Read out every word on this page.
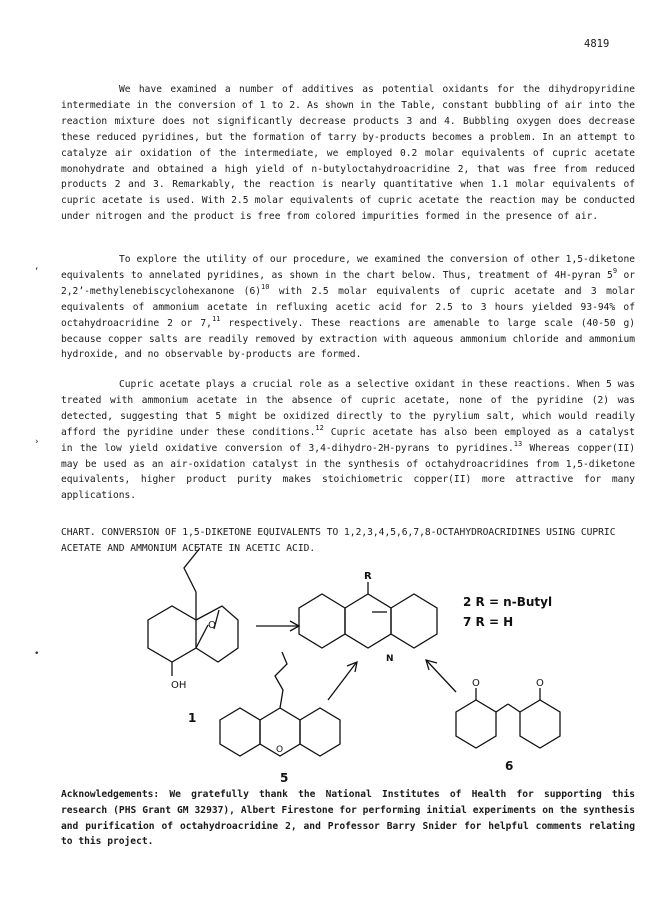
4819

We have examined a number of additives as potential oxidants for the dihydropyridine intermediate in the conversion of 1 to 2. As shown in the Table, constant bubbling of air into the reaction mixture does not significantly decrease products 3 and 4. Bubbling oxygen does decrease these reduced pyridines, but the formation of tarry by-products becomes a problem. In an attempt to catalyze air oxidation of the intermediate, we employed 0.2 molar equivalents of cupric acetate monohydrate and obtained a high yield of n-butyloctahydroacridine 2, that was free from reduced products 2 and 3. Remarkably, the reaction is nearly quantitative when 1.1 molar equivalents of cupric acetate is used. With 2.5 molar equivalents of cupric acetate the reaction may be conducted under nitrogen and the product is free from colored impurities formed in the presence of air.

To explore the utility of our procedure, we examined the conversion of other 1,5-diketone equivalents to annelated pyridines, as shown in the chart below. Thus, treatment of 4H-pyran $5^9$ or 2,2’-methylenebiscyclohexanone $(6)^{10}$ with 2.5 molar equivalents of cupric acetate and 3 molar equivalents of ammonium acetate in refluxing acetic acid for 2.5 to 3 hours yielded 93-94% of octahydroacridine 2 or 7,11 respectively. These reactions are amenable to large scale (40-50 g) because copper salts are readily removed by extraction with aqueous ammonium chloride and ammonium hydroxide, and no observable by-products are formed.

Cupric acetate plays a crucial role as a selective oxidant in these reactions. When 5 was treated with ammonium acetate in the absence of cupric acetate, none of the pyridine (2) was detected, suggesting that 5 might be oxidized directly to the pyrylium salt, which would readily afford the pyridine under these conditions.$^{12}$ Cupric acetate has also been employed as a catalyst in the low yield oxidative conversion of 3,4-dihydro-2H-pyrans to pyridines.$^{13}$ Whereas copper(II) may be used as an air-oxidation catalyst in the synthesis of octahydroacridines from 1,5-diketone equivalents, higher product purity makes stoichiometric copper(II) more attractive for many applications.

CHART. CONVERSION OF 1,5-DIKETONE EQUIVALENTS TO 1,2,3,4,5,6,7,8-OCTAHYDROACRIDINES USING CUPRIC ACETATE AND AMMONIUM ACETATE IN ACETIC ACID.

,
›
•
OH
O
1
R
N
2 R = n-Butyl
7 R = H
O
5
O	O
6

Acknowledgements: We gratefully thank the National Institutes of Health for supporting this research (PHS Grant GM 32937), Albert Firestone for performing initial experiments on the synthesis and purification of octahydroacridine 2, and Professor Barry Snider for helpful comments relating to this project.
